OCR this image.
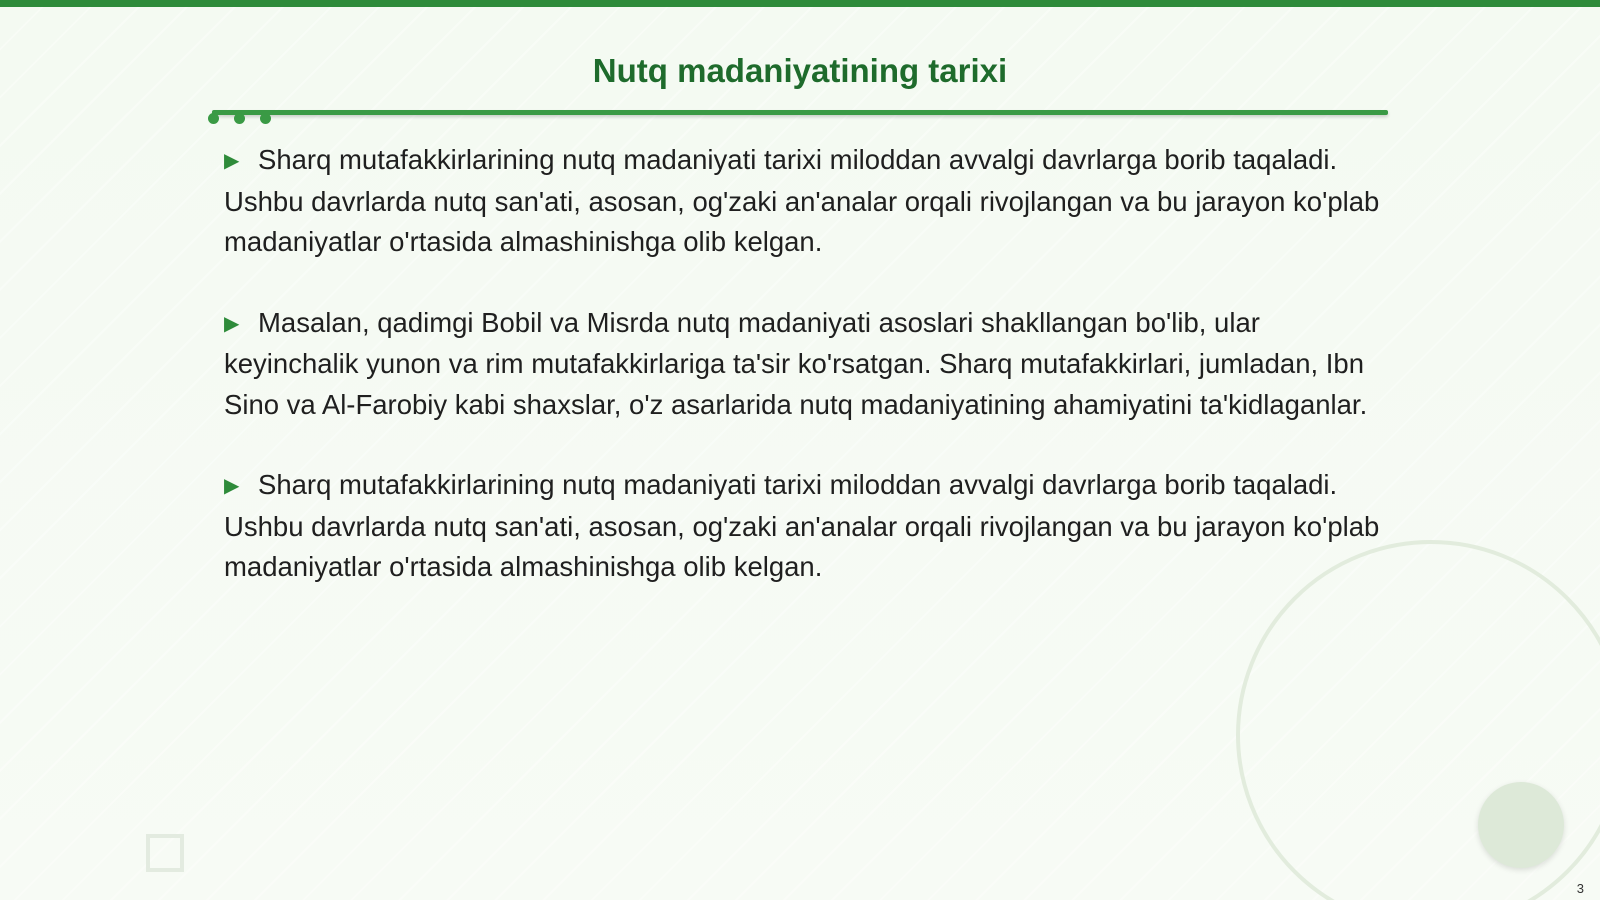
Nutq madaniyatining tarixi

▶ Sharq mutafakkirlarining nutq madaniyati tarixi miloddan avvalgi davrlarga borib taqaladi. Ushbu davrlarda nutq san'ati, asosan, og'zaki an'analar orqali rivojlangan va bu jarayon ko'plab madaniyatlar o'rtasida almashinishga olib kelgan.

▶ Masalan, qadimgi Bobil va Misrda nutq madaniyati asoslari shakllangan bo'lib, ular keyinchalik yunon va rim mutafakkirlariga ta'sir ko'rsatgan. Sharq mutafakkirlari, jumladan, Ibn Sino va Al-Farobiy kabi shaxslar, o'z asarlarida nutq madaniyatining ahamiyatini ta'kidlaganlar.

▶ Sharq mutafakkirlarining nutq madaniyati tarixi miloddan avvalgi davrlarga borib taqaladi. Ushbu davrlarda nutq san'ati, asosan, og'zaki an'analar orqali rivojlangan va bu jarayon ko'plab madaniyatlar o'rtasida almashinishga olib kelgan.

3
